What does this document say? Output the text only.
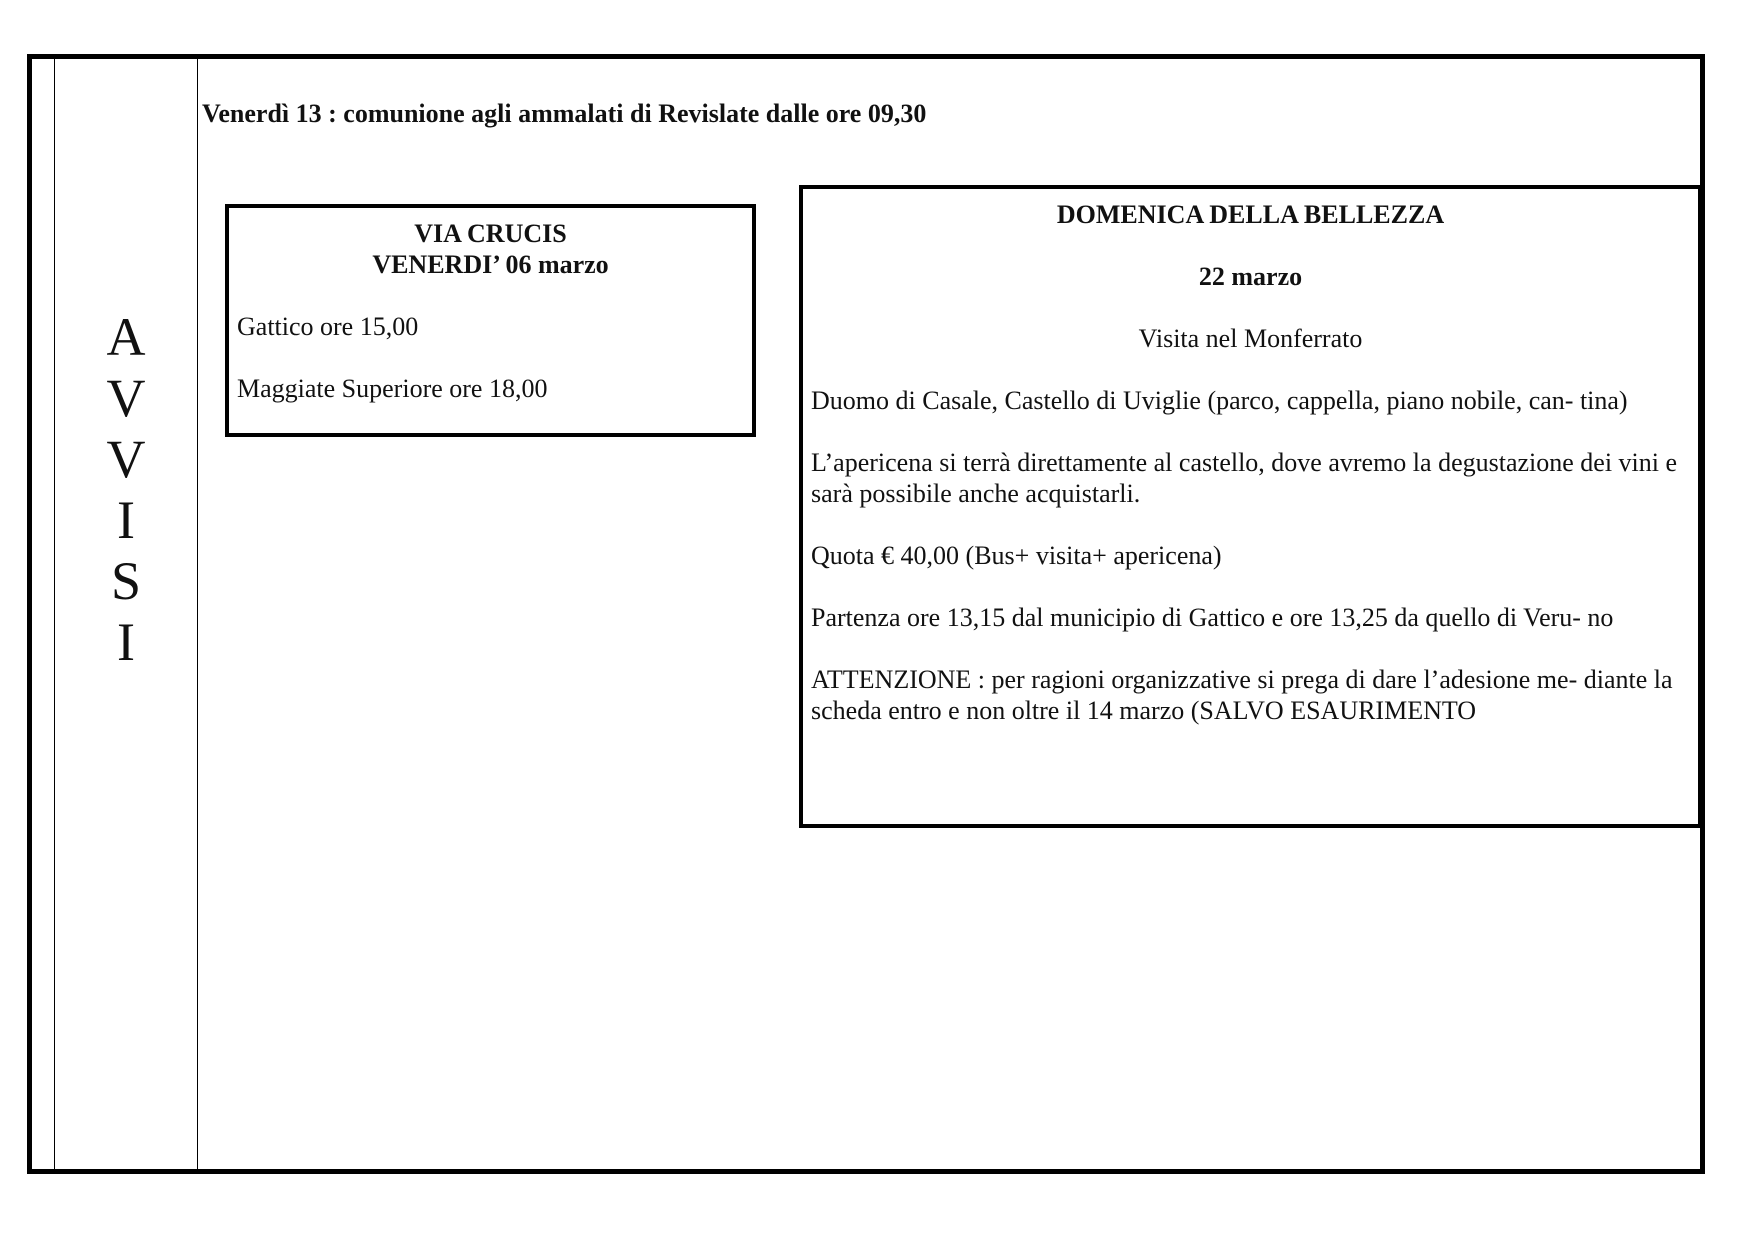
A
V
V
I
S
I
Venerdì 13 : comunione agli ammalati di Revislate dalle ore 09,30
VIA CRUCIS
VENERDI’ 06 marzo
Gattico ore 15,00
Maggiate Superiore ore 18,00
DOMENICA DELLA BELLEZZA
22 marzo
Visita nel Monferrato
Duomo di Casale, Castello di Uviglie (parco, cappella, piano nobile, can- tina)
L’apericena si terrà direttamente al castello, dove avremo la degustazione dei vini e sarà possibile anche acquistarli.
Quota € 40,00 (Bus+ visita+ apericena)
Partenza ore 13,15 dal municipio di Gattico e ore 13,25 da quello di Veru- no
ATTENZIONE : per ragioni organizzative si prega di dare l’adesione me- diante la scheda entro e non oltre il 14 marzo (SALVO ESAURIMENTO
